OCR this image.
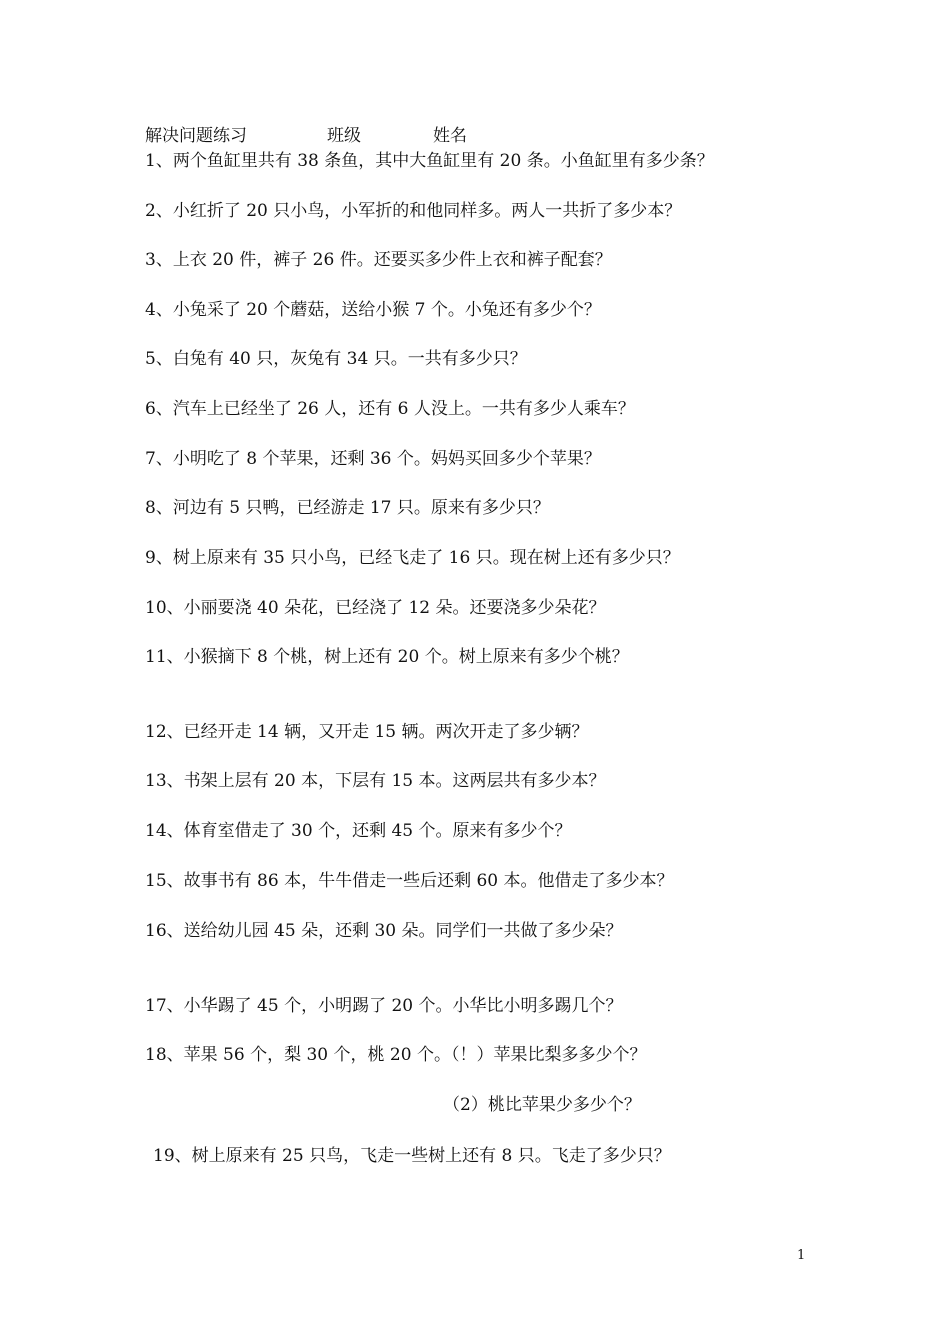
解决问题练习	班级	姓名
1、两个鱼缸里共有 38 条鱼，其中大鱼缸里有 20 条。小鱼缸里有多少条？
2、小红折了 20 只小鸟，小军折的和他同样多。两人一共折了多少本？
3、上衣 20 件，裤子 26 件。还要买多少件上衣和裤子配套？
4、小兔采了 20 个蘑菇，送给小猴 7 个。小兔还有多少个？
5、白兔有 40 只，灰兔有 34 只。一共有多少只？
6、汽车上已经坐了 26 人，还有 6 人没上。一共有多少人乘车？
7、小明吃了 8 个苹果，还剩 36 个。妈妈买回多少个苹果？
8、河边有 5 只鸭，已经游走 17 只。原来有多少只？
9、树上原来有 35 只小鸟，已经飞走了 16 只。现在树上还有多少只？
10、小丽要浇 40 朵花，已经浇了 12 朵。还要浇多少朵花？
11、小猴摘下 8 个桃，树上还有 20 个。树上原来有多少个桃？
12、已经开走 14 辆，又开走 15 辆。两次开走了多少辆？
13、书架上层有 20 本，下层有 15 本。这两层共有多少本？
14、体育室借走了 30 个，还剩 45 个。原来有多少个？
15、故事书有 86 本，牛牛借走一些后还剩 60 本。他借走了多少本？
16、送给幼儿园 45 朵，还剩 30 朵。同学们一共做了多少朵？
17、小华踢了 45 个，小明踢了 20 个。小华比小明多踢几个？
18、苹果 56 个，梨 30 个，桃 20 个。（！）苹果比梨多多少个？
（2）桃比苹果少多少个？
19、树上原来有 25 只鸟，飞走一些树上还有 8 只。飞走了多少只？
1
